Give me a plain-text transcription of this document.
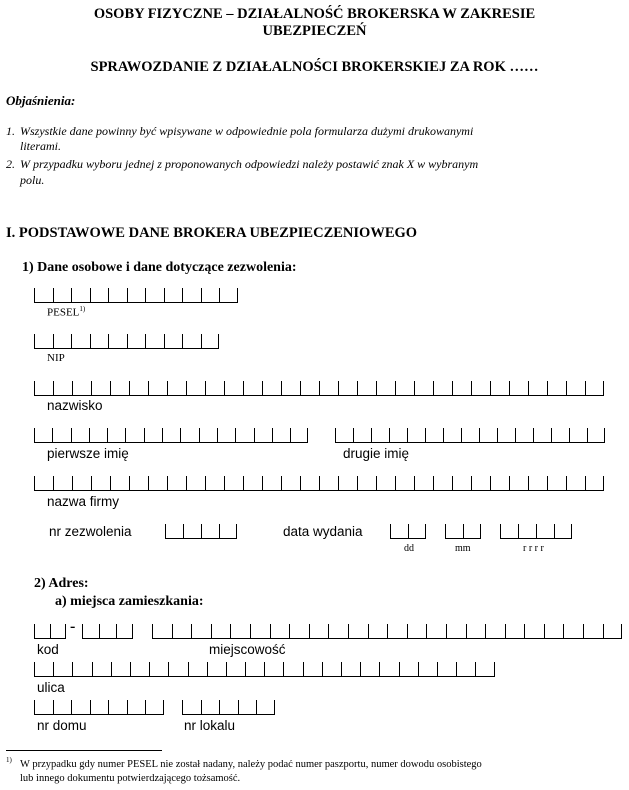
OSOBY FIZYCZNE – DZIAŁALNOŚĆ BROKERSKA W ZAKRESIE
UBEZPIECZEŃ
SPRAWOZDANIE Z DZIAŁALNOŚCI BROKERSKIEJ ZA ROK ……
Objaśnienia:
1. Wszystkie dane powinny być wpisywane w odpowiednie pola formularza dużymi drukowanymi
literami.
2. W przypadku wyboru jednej z proponowanych odpowiedzi należy postawić znak X w wybranym
polu.
I. PODSTAWOWE DANE BROKERA UBEZPIECZENIOWEGO
1) Dane osobowe i dane dotyczące zezwolenia:
PESEL$^{1)}$
NIP
nazwisko
pierwsze imię	drugie imię
nazwa firmy
nr zezwolenia	data wydania
dd	mm	r r r r
2) Adres:
a) miejsca zamieszkania:
-
kod	miejscowość
ulica
nr domu	nr lokalu
1) W przypadku gdy numer PESEL nie został nadany, należy podać numer paszportu, numer dowodu osobistego
lub innego dokumentu potwierdzającego tożsamość.
